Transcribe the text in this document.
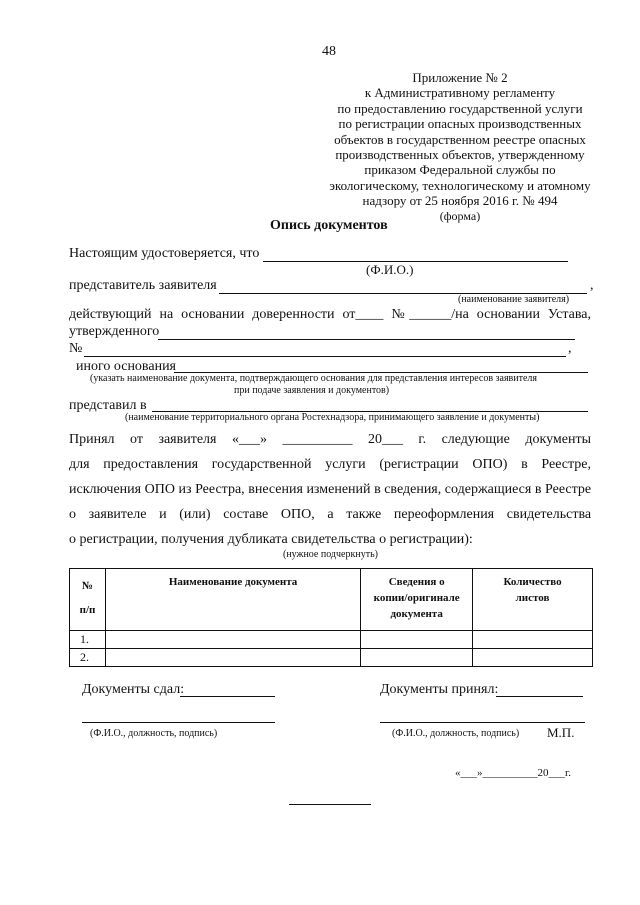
48
Приложение № 2
к Административному регламенту
по предоставлению государственной услуги
по регистрации опасных производственных
объектов в государственном реестре опасных
производственных объектов, утвержденному
приказом Федеральной службы по
экологическому, технологическому и атомному
надзору от 25 ноября 2016 г. № 494
(форма)
Опись документов
Настоящим удостоверяется, что
(Ф.И.О.)
представитель заявителя	,
(наименование заявителя)
действующий на основании доверенности от____ №______/на основании Устава,
утвержденного
№	,
иного основания
(указать наименование документа, подтверждающего основания для представления интересов заявителя
при подаче заявления и документов)
представил в
(наименование территориального органа Ростехнадзора, принимающего заявление и документы)
Принял от заявителя «___» __________ 20___ г. следующие документы
для предоставления государственной услуги (регистрации ОПО) в Реестре,
исключения ОПО из Реестра, внесения изменений в сведения, содержащиеся в Реестре
о заявителе и (или) составе ОПО, а также переоформления свидетельства
о регистрации, получения дубликата свидетельства о регистрации):
(нужное подчеркнуть)
№ п/п	Наименование документа	Сведения о копии/оригинале документа	Количество листов

1.			
2.			
Документы сдал:	Документы принял:
(Ф.И.О., должность, подпись)	(Ф.И.О., должность, подпись) М.П.
«___»__________20___г.
